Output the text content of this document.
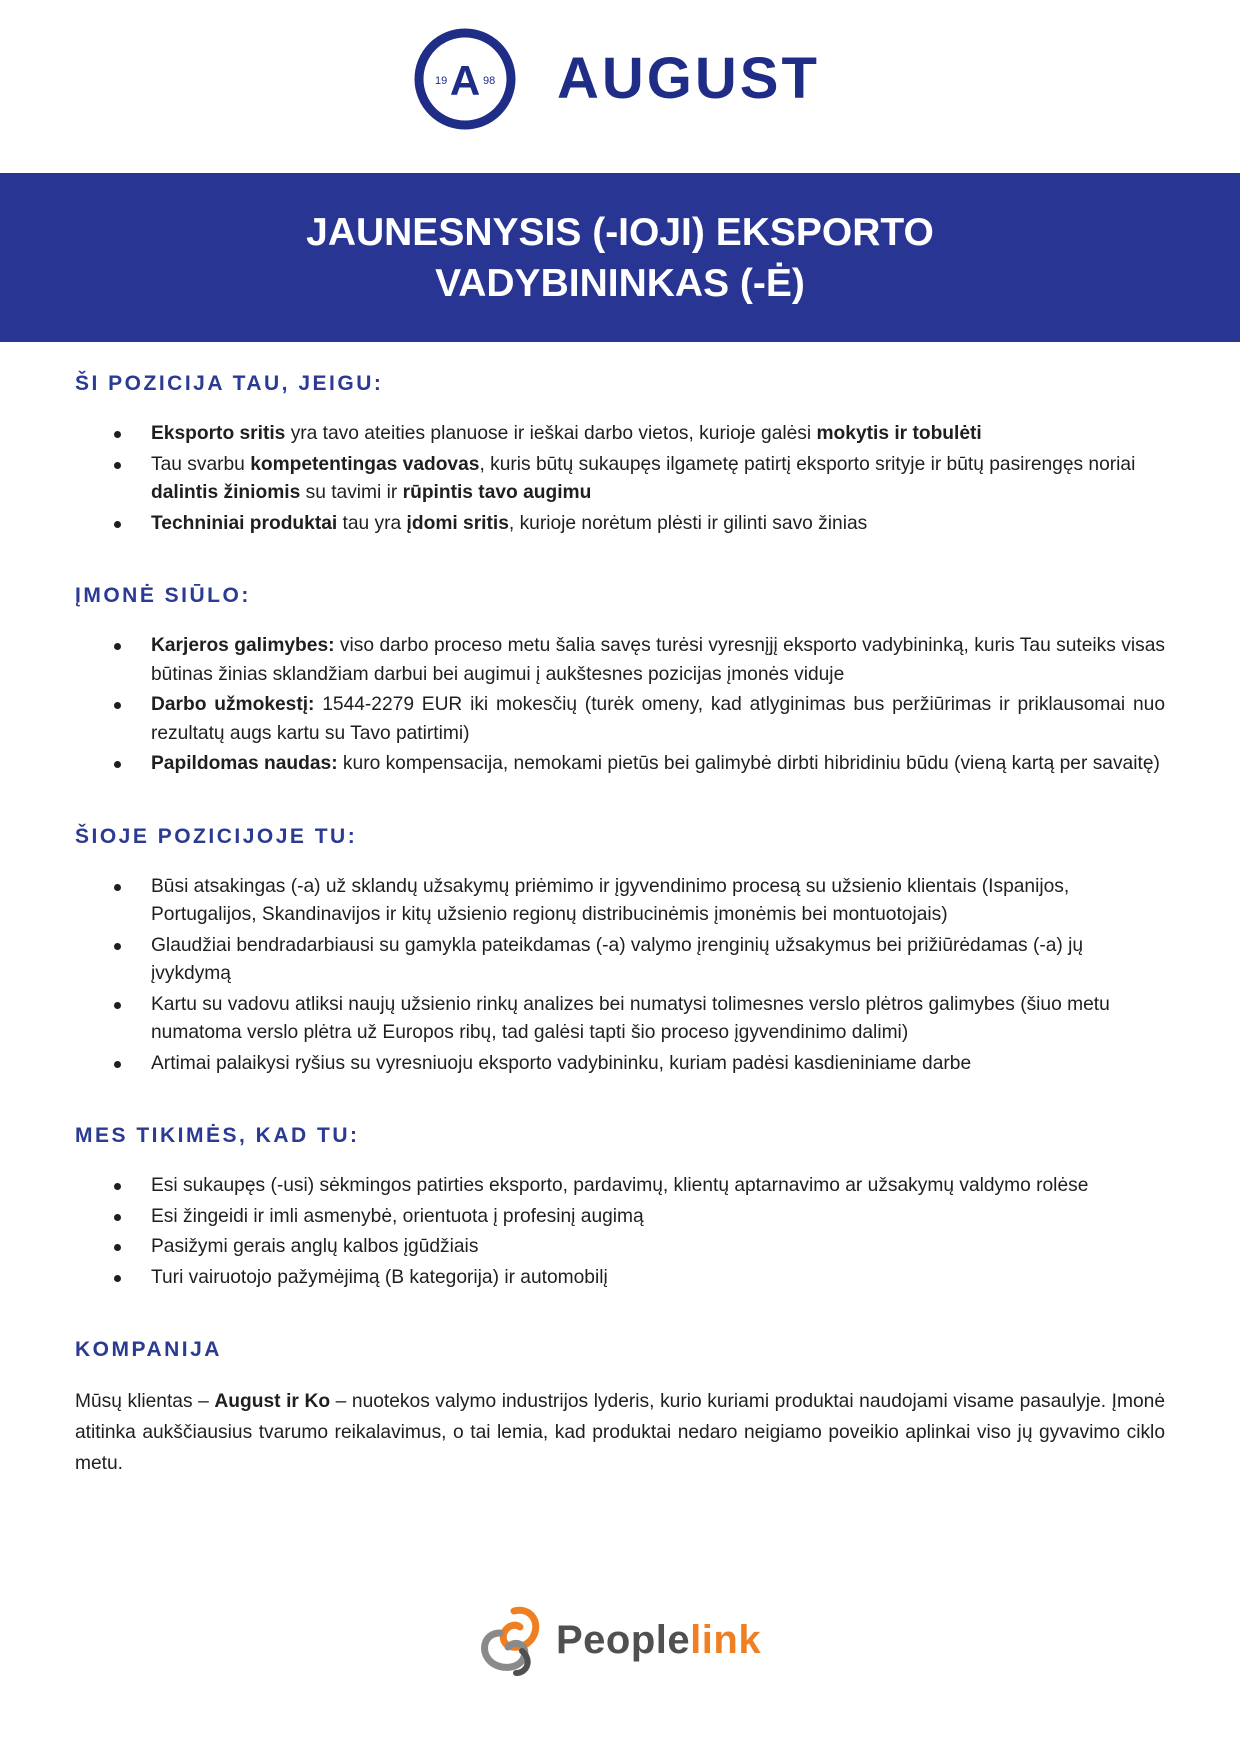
19	98
A AUGUST
JAUNESNYSIS (-IOJI) EKSPORTO
VADYBININKAS (-Ė)
ŠI POZICIJA TAU, JEIGU:
Eksporto sritis yra tavo ateities planuose ir ieškai darbo vietos, kurioje galėsi mokytis ir tobulėti
Tau svarbu kompetentingas vadovas, kuris būtų sukaupęs ilgametę patirtį eksporto srityje ir būtų pasirengęs noriai dalintis žiniomis su tavimi ir rūpintis tavo augimu
Techniniai produktai tau yra įdomi sritis, kurioje norėtum plėsti ir gilinti savo žinias
ĮMONĖ SIŪLO:
Karjeros galimybes: viso darbo proceso metu šalia savęs turėsi vyresnįjį eksporto vadybininką, kuris Tau suteiks visas būtinas žinias sklandžiam darbui bei augimui į aukštesnes pozicijas įmonės viduje
Darbo užmokestį: 1544-2279 EUR iki mokesčių (turėk omeny, kad atlyginimas bus peržiūrimas ir priklausomai nuo rezultatų augs kartu su Tavo patirtimi)
Papildomas naudas: kuro kompensacija, nemokami pietūs bei galimybė dirbti hibridiniu būdu (vieną kartą per savaitę)
ŠIOJE POZICIJOJE TU:
Būsi atsakingas (-a) už sklandų užsakymų priėmimo ir įgyvendinimo procesą su užsienio klientais (Ispanijos, Portugalijos, Skandinavijos ir kitų užsienio regionų distribucinėmis įmonėmis bei montuotojais)
Glaudžiai bendradarbiausi su gamykla pateikdamas (-a) valymo įrenginių užsakymus bei prižiūrėdamas (-a) jų įvykdymą
Kartu su vadovu atliksi naujų užsienio rinkų analizes bei numatysi tolimesnes verslo plėtros galimybes (šiuo metu numatoma verslo plėtra už Europos ribų, tad galėsi tapti šio proceso įgyvendinimo dalimi)
Artimai palaikysi ryšius su vyresniuoju eksporto vadybininku, kuriam padėsi kasdieniniame darbe
MES TIKIMĖS, KAD TU:
Esi sukaupęs (-usi) sėkmingos patirties eksporto, pardavimų, klientų aptarnavimo ar užsakymų valdymo rolėse
Esi žingeidi ir imli asmenybė, orientuota į profesinį augimą
Pasižymi gerais anglų kalbos įgūdžiais
Turi vairuotojo pažymėjimą (B kategorija) ir automobilį
KOMPANIJA

Mūsų klientas – August ir Ko – nuotekos valymo industrijos lyderis, kurio kuriami produktai naudojami visame pasaulyje. Įmonė atitinka aukščiausius tvarumo reikalavimus, o tai lemia, kad produktai nedaro neigiamo poveikio aplinkai viso jų gyvavimo ciklo metu.

Peoplelink
